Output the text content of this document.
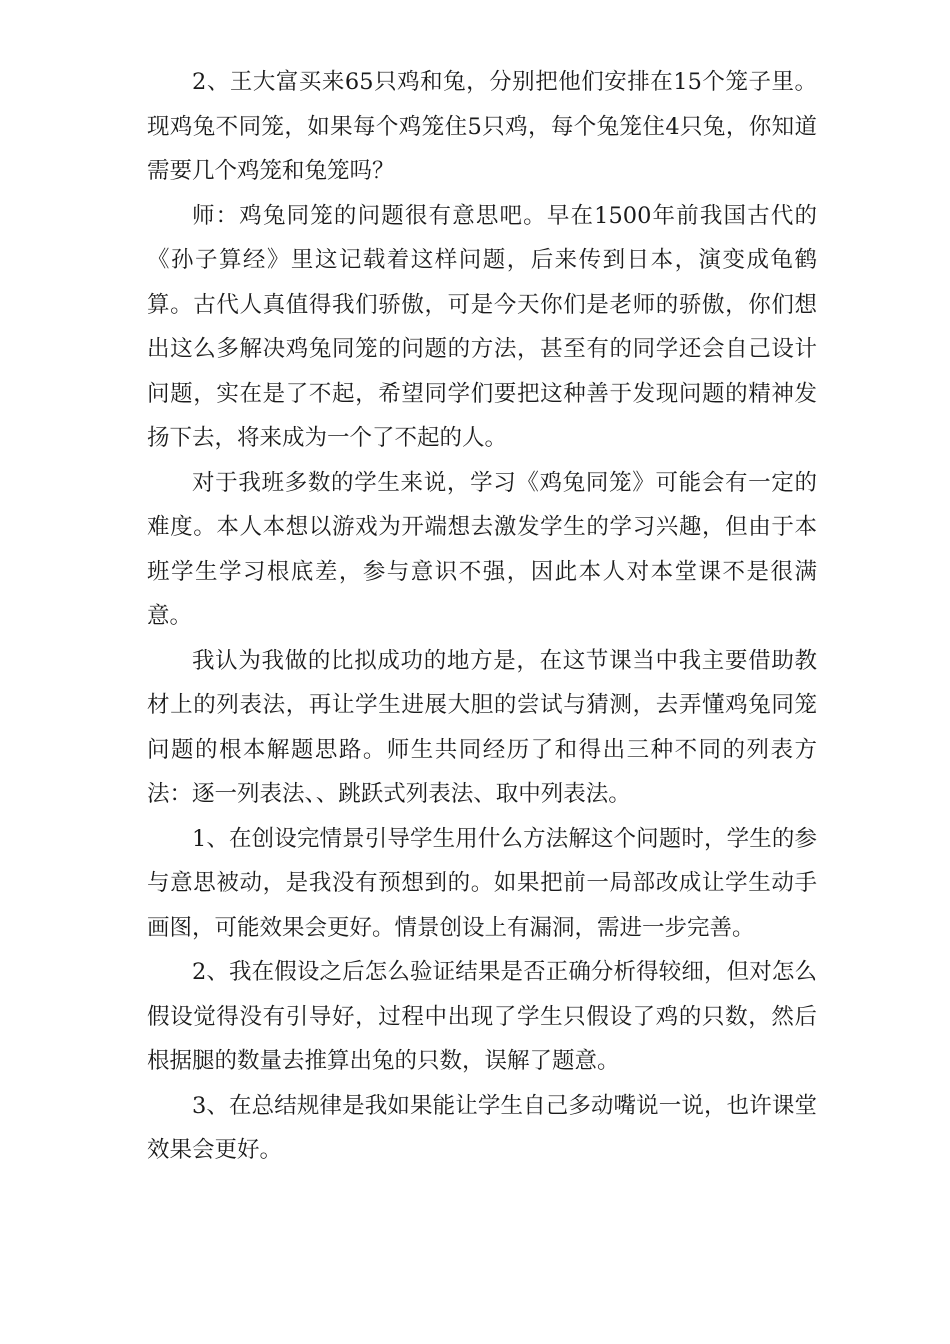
2、王大富买来65只鸡和兔，分别把他们安排在15个笼子里。现鸡兔不同笼，如果每个鸡笼住5只鸡，每个兔笼住4只兔，你知道需要几个鸡笼和兔笼吗？

师：鸡兔同笼的问题很有意思吧。早在1500年前我国古代的《孙子算经》里这记载着这样问题，后来传到日本，演变成龟鹤算。古代人真值得我们骄傲，可是今天你们是老师的骄傲，你们想出这么多解决鸡兔同笼的问题的方法，甚至有的同学还会自己设计问题，实在是了不起，希望同学们要把这种善于发现问题的精神发扬下去，将来成为一个了不起的人。

对于我班多数的学生来说，学习《鸡兔同笼》可能会有一定的难度。本人本想以游戏为开端想去激发学生的学习兴趣，但由于本班学生学习根底差，参与意识不强，因此本人对本堂课不是很满意。

我认为我做的比拟成功的地方是，在这节课当中我主要借助教材上的列表法，再让学生进展大胆的尝试与猜测，去弄懂鸡兔同笼问题的根本解题思路。师生共同经历了和得出三种不同的列表方法：逐一列表法、、跳跃式列表法、取中列表法。

1、在创设完情景引导学生用什么方法解这个问题时，学生的参与意思被动，是我没有预想到的。如果把前一局部改成让学生动手画图，可能效果会更好。情景创设上有漏洞，需进一步完善。

2、我在假设之后怎么验证结果是否正确分析得较细，但对怎么假设觉得没有引导好，过程中出现了学生只假设了鸡的只数，然后根据腿的数量去推算出兔的只数，误解了题意。

3、在总结规律是我如果能让学生自己多动嘴说一说，也许课堂效果会更好。
